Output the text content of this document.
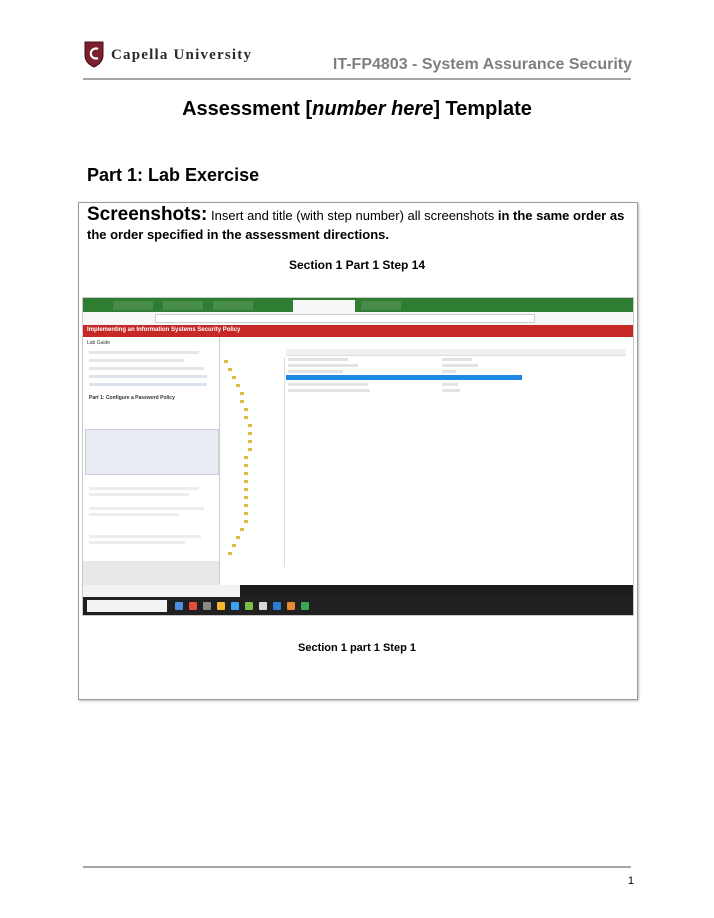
Capella University
IT-FP4803 - System Assurance Security
Assessment [number here] Template
Part 1: Lab Exercise
Screenshots: Insert and title (with step number) all screenshots in the same order as the order specified in the assessment directions.
Section 1 Part 1 Step 14
Implementing an Information Systems Security Policy
Lab Guide
Part 1: Configure a Password Policy
Section 1 part 1 Step 1
1
